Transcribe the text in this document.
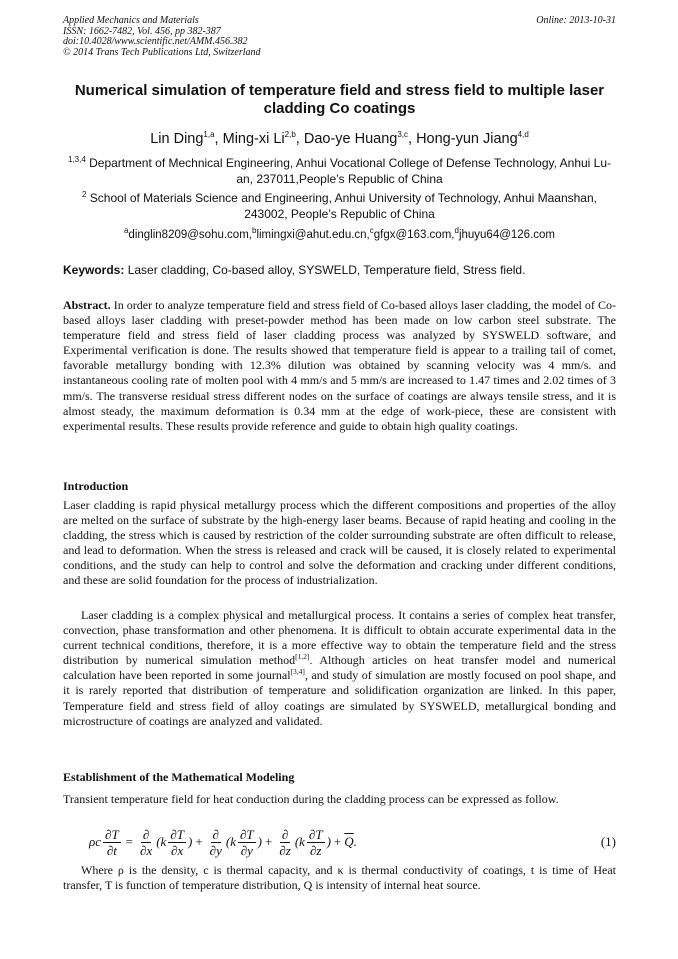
Applied Mechanics and Materials
ISSN: 1662-7482, Vol. 456, pp 382-387
doi:10.4028/www.scientific.net/AMM.456.382
© 2014 Trans Tech Publications Ltd, Switzerland
Online: 2013-10-31
Numerical simulation of temperature field and stress field to multiple laser cladding Co coatings
Lin Ding$^{1,a}$, Ming-xi Li$^{2,b}$, Dao-ye Huang$^{3,c}$, Hong-yun Jiang$^{4,d}$
$^{1,3,4}$ Department of Mechnical Engineering, Anhui Vocational College of Defense Technology, Anhui Lu-an, 237011,People’s Republic of China
$^2$ School of Materials Science and Engineering, Anhui University of Technology, Anhui Maanshan, 243002, People’s Republic of China
$^a$dinglin8209@sohu.com,$^b$limingxi@ahut.edu.cn,$^c$gfgx@163.com,$^d$jhuyu64@126.com
Keywords: Laser cladding, Co-based alloy, SYSWELD, Temperature field, Stress field.
Abstract. In order to analyze temperature field and stress field of Co-based alloys laser cladding, the model of Co-based alloys laser cladding with preset-powder method has been made on low carbon steel substrate. The temperature field and stress field of laser cladding process was analyzed by SYSWELD software, and Experimental verification is done. The results showed that temperature field is appear to a trailing tail of comet, favorable metallurgy bonding with 12.3% dilution was obtained by scanning velocity was 4 mm/s. and instantaneous cooling rate of molten pool with 4 mm/s and 5 mm/s are increased to 1.47 times and 2.02 times of 3 mm/s. The transverse residual stress different nodes on the surface of coatings are always tensile stress, and it is almost steady, the maximum deformation is 0.34 mm at the edge of work-piece, these are consistent with experimental results. These results provide reference and guide to obtain high quality coatings.
Introduction
Laser cladding is rapid physical metallurgy process which the different compositions and properties of the alloy are melted on the surface of substrate by the high-energy laser beams. Because of rapid heating and cooling in the cladding, the stress which is caused by restriction of the colder surrounding substrate are often difficult to release, and lead to deformation. When the stress is released and crack will be caused, it is closely related to experimental conditions, and the study can help to control and solve the deformation and cracking under different conditions, and these are solid foundation for the process of industrialization.
Laser cladding is a complex physical and metallurgical process. It contains a series of complex heat transfer, convection, phase transformation and other phenomena. It is difficult to obtain accurate experimental data in the current technical conditions, therefore, it is a more effective way to obtain the temperature field and the stress distribution by numerical simulation method[1,2]. Although articles on heat transfer model and numerical calculation have been reported in some journal[3,4], and study of simulation are mostly focused on pool shape, and it is rarely reported that distribution of temperature and solidification organization are linked. In this paper, Temperature field and stress field of alloy coatings are simulated by SYSWELD, metallurgical bonding and microstructure of coatings are analyzed and validated.
Establishment of the Mathematical Modeling
Transient temperature field for heat conduction during the cladding process can be expressed as follow.
ρc $\frac{\partial T}{\partial t} = \frac{\partial}{\partial x} (k \frac{\partial T}{\partial x}$ ) + $\frac{\partial}{\partial y} (k \frac{\partial T}{\partial y}$ ) + $\frac{\partial}{\partial z} (k \frac{\partial T}{\partial z}$ ) + $\overline{Q}$ .	(1)
Where ρ is the density, c is thermal capacity, and κ is thermal conductivity of coatings, t is time of Heat transfer, T is function of temperature distribution, Q is intensity of internal heat source.
